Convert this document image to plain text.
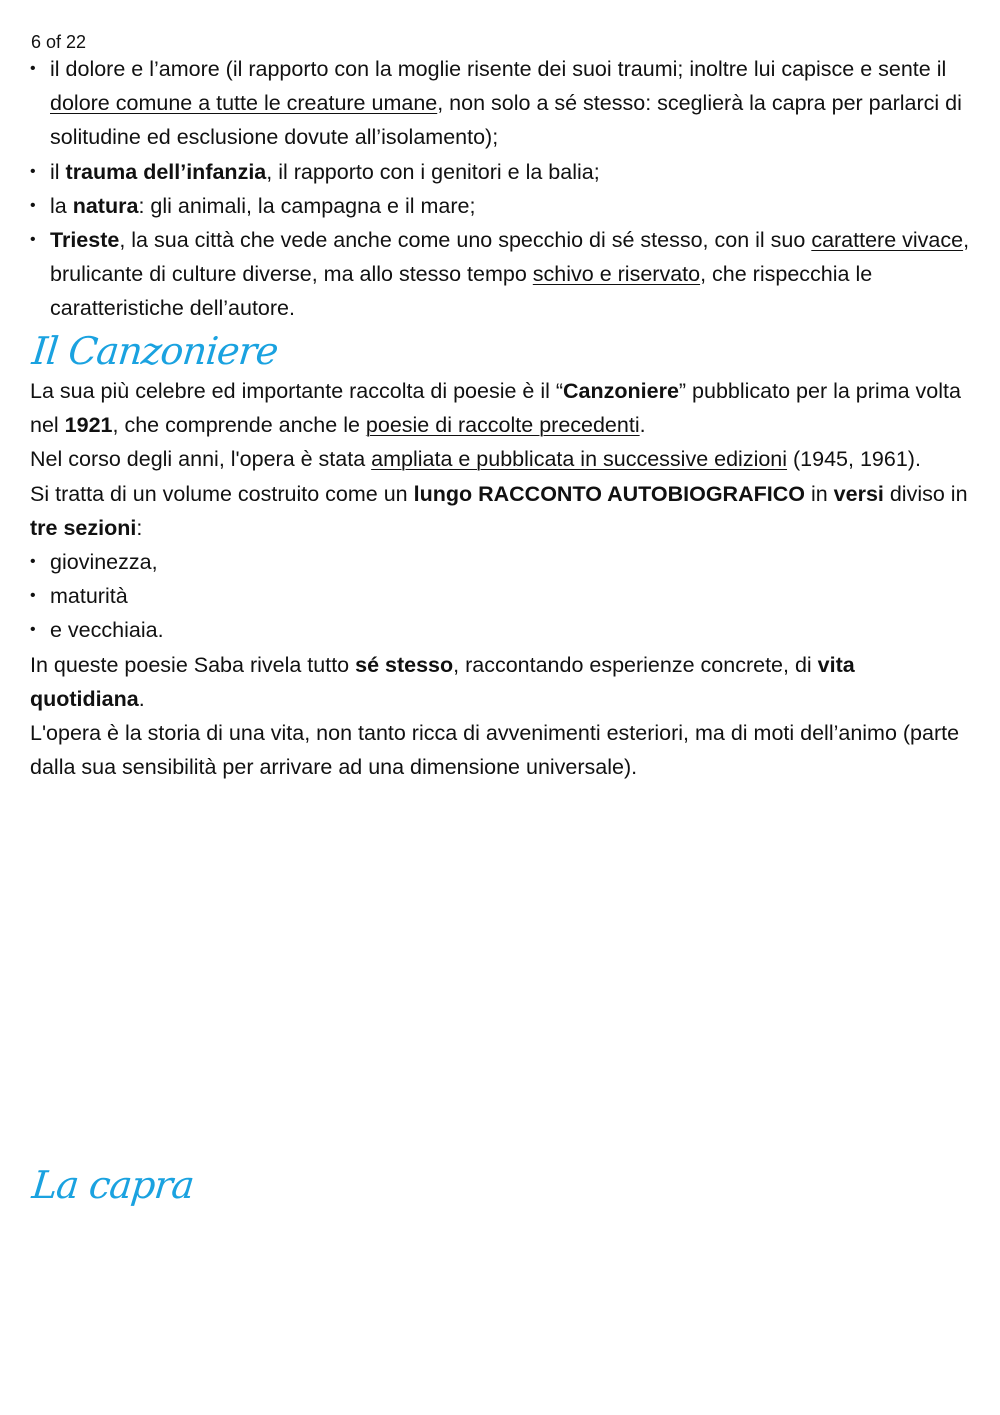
6 of 22
• il dolore e l’amore (il rapporto con la moglie risente dei suoi traumi; inoltre lui capisce e sente il dolore comune a tutte le creature umane, non solo a sé stesso: sceglierà la capra per parlarci di solitudine ed esclusione dovute all’isolamento);
• il trauma dell’infanzia, il rapporto con i genitori e la balia;
• la natura: gli animali, la campagna e il mare;
• Trieste, la sua città che vede anche come uno specchio di sé stesso, con il suo carattere vivace, brulicante di culture diverse, ma allo stesso tempo schivo e riservato, che rispecchia le caratteristiche dell’autore.
Il Canzoniere

La sua più celebre ed importante raccolta di poesie è il “Canzoniere” pubblicato per la prima volta nel 1921, che comprende anche le poesie di raccolte precedenti.

Nel corso degli anni, l'opera è stata ampliata e pubblicata in successive edizioni (1945, 1961).

Si tratta di un volume costruito come un lungo RACCONTO AUTOBIOGRAFICO in versi diviso in tre sezioni:

• giovinezza,
• maturità
• e vecchiaia.

In queste poesie Saba rivela tutto sé stesso, raccontando esperienze concrete, di vita quotidiana.

L'opera è la storia di una vita, non tanto ricca di avvenimenti esteriori, ma di moti dell’animo (parte dalla sua sensibilità per arrivare ad una dimensione universale).

La capra
